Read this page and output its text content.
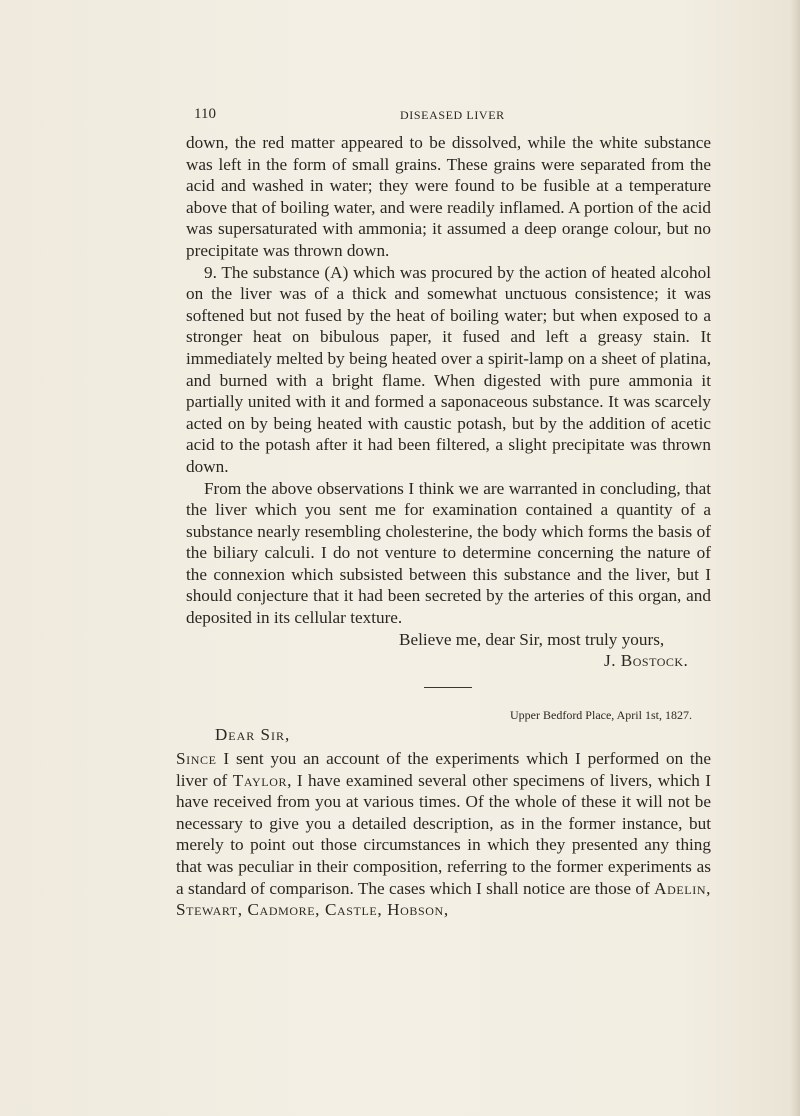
110	DISEASED LIVER

down, the red matter appeared to be dissolved, while the white substance was left in the form of small grains. These grains were separated from the acid and washed in water; they were found to be fusible at a temperature above that of boiling water, and were readily inflamed. A portion of the acid was supersaturated with ammonia; it assumed a deep orange colour, but no precipitate was thrown down.

9. The substance (A) which was procured by the action of heated alcohol on the liver was of a thick and somewhat unctuous consistence; it was softened but not fused by the heat of boiling water; but when exposed to a stronger heat on bibulous paper, it fused and left a greasy stain. It immediately melted by being heated over a spirit-lamp on a sheet of platina, and burned with a bright flame. When digested with pure ammonia it partially united with it and formed a saponaceous substance. It was scarcely acted on by being heated with caustic potash, but by the addition of acetic acid to the potash after it had been filtered, a slight precipitate was thrown down.

From the above observations I think we are warranted in concluding, that the liver which you sent me for examination contained a quantity of a substance nearly resembling cholesterine, the body which forms the basis of the biliary calculi. I do not venture to determine concerning the nature of the connexion which subsisted between this substance and the liver, but I should conjecture that it had been secreted by the arteries of this organ, and deposited in its cellular texture.

Believe me, dear Sir, most truly yours,

J. Bostock.

Upper Bedford Place, April 1st, 1827.
Dear Sir,

Since I sent you an account of the experiments which I performed on the liver of Taylor, I have examined several other specimens of livers, which I have received from you at various times. Of the whole of these it will not be necessary to give you a detailed description, as in the former instance, but merely to point out those circumstances in which they presented any thing that was peculiar in their composition, referring to the former experiments as a standard of comparison. The cases which I shall notice are those of Adelin, Stewart, Cadmore, Castle, Hobson,
